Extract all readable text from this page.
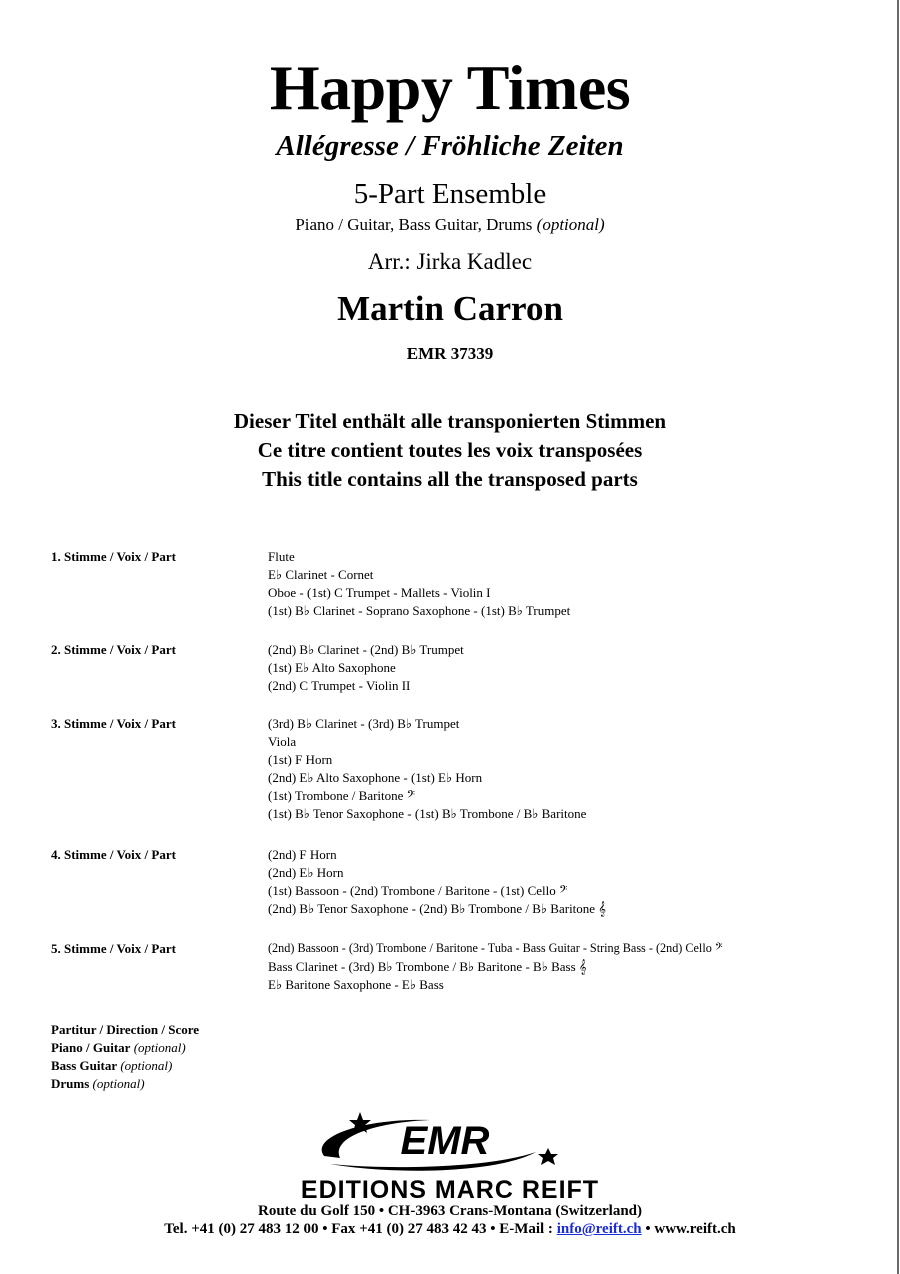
Happy Times
Allégresse / Fröhliche Zeiten
5-Part Ensemble
Piano / Guitar, Bass Guitar, Drums (optional)
Arr.: Jirka Kadlec
Martin Carron
EMR 37339
Dieser Titel enthält alle transponierten Stimmen
Ce titre contient toutes les voix transposées
This title contains all the transposed parts
1. Stimme / Voix / Part	Flute
E♭ Clarinet - Cornet
Oboe - (1st) C Trumpet - Mallets - Violin I
(1st) B♭ Clarinet - Soprano Saxophone - (1st) B♭ Trumpet
2. Stimme / Voix / Part	(2nd) B♭ Clarinet - (2nd) B♭ Trumpet
(1st) E♭ Alto Saxophone
(2nd) C Trumpet - Violin II
3. Stimme / Voix / Part	(3rd) B♭ Clarinet - (3rd) B♭ Trumpet
Viola
(1st) F Horn
(2nd) E♭ Alto Saxophone - (1st) E♭ Horn
(1st) Trombone / Baritone 𝄢
(1st) B♭ Tenor Saxophone - (1st) B♭ Trombone / B♭ Baritone
4. Stimme / Voix / Part	(2nd) F Horn
(2nd) E♭ Horn
(1st) Bassoon - (2nd) Trombone / Baritone - (1st) Cello 𝄢
(2nd) B♭ Tenor Saxophone - (2nd) B♭ Trombone / B♭ Baritone 𝄞
5. Stimme / Voix / Part	(2nd) Bassoon - (3rd) Trombone / Baritone - Tuba - Bass Guitar - String Bass - (2nd) Cello 𝄢
Bass Clarinet - (3rd) B♭ Trombone / B♭ Baritone - B♭ Bass 𝄞
E♭ Baritone Saxophone - E♭ Bass
Partitur / Direction / Score
Piano / Guitar (optional)
Bass Guitar (optional)
Drums (optional)
EMR
EDITIONS MARC REIFT
Route du Golf 150 • CH-3963 Crans-Montana (Switzerland)
Tel. +41 (0) 27 483 12 00 • Fax +41 (0) 27 483 42 43 • E-Mail : info@reift.ch • www.reift.ch
